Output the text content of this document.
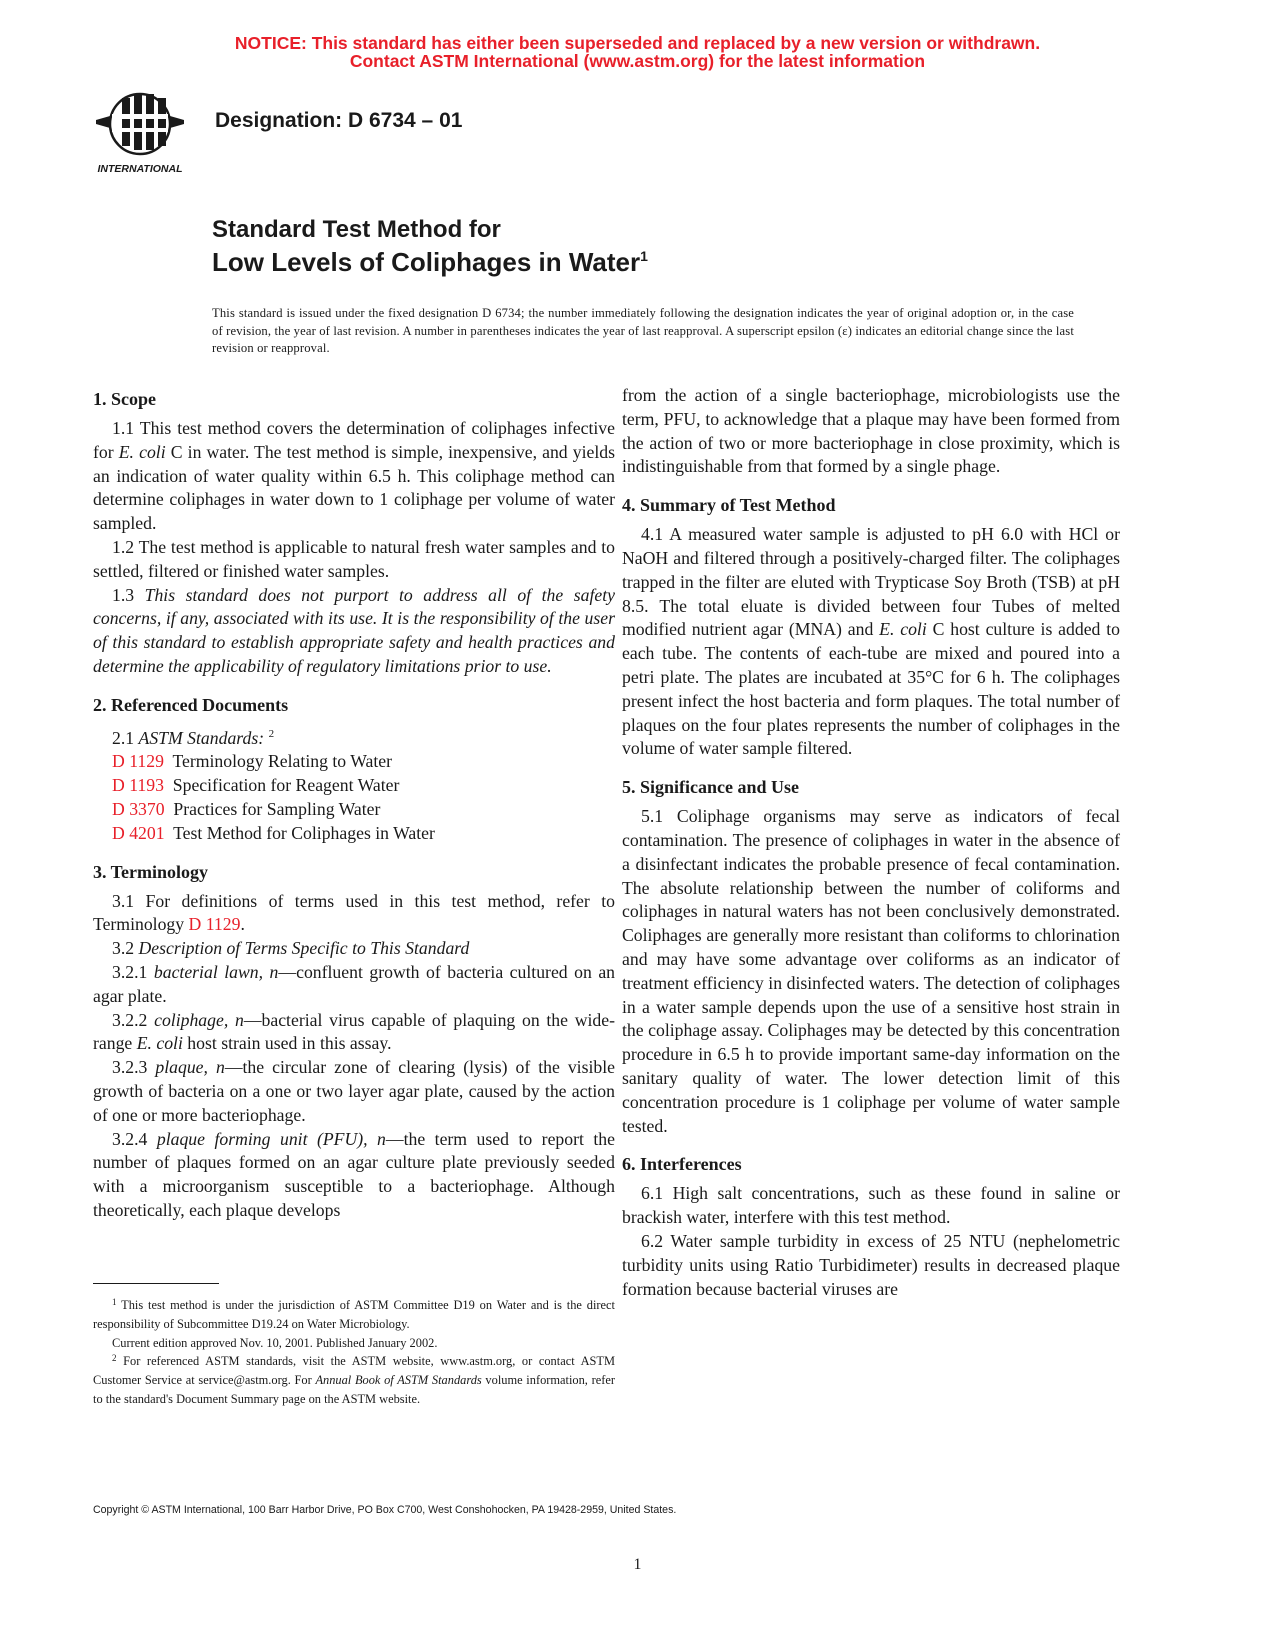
NOTICE: This standard has either been superseded and replaced by a new version or withdrawn.
Contact ASTM International (www.astm.org) for the latest information
INTERNATIONAL
Designation: D 6734 – 01
Standard Test Method for
Low Levels of Coliphages in Water$^1$
This standard is issued under the fixed designation D 6734; the number immediately following the designation indicates the year of original adoption or, in the case of revision, the year of last revision. A number in parentheses indicates the year of last reapproval. A superscript epsilon (ε) indicates an editorial change since the last revision or reapproval.
1. Scope

1.1 This test method covers the determination of coliphages infective for E. coli C in water. The test method is simple, inexpensive, and yields an indication of water quality within 6.5 h. This coliphage method can determine coliphages in water down to 1 coliphage per volume of water sampled.

1.2 The test method is applicable to natural fresh water samples and to settled, filtered or finished water samples.

1.3 This standard does not purport to address all of the safety concerns, if any, associated with its use. It is the responsibility of the user of this standard to establish appropriate safety and health practices and determine the applicability of regulatory limitations prior to use.

2. Referenced Documents

2.1 ASTM Standards: $^2$

D 1129 Terminology Relating to Water

D 1193 Specification for Reagent Water

D 3370 Practices for Sampling Water

D 4201 Test Method for Coliphages in Water

3. Terminology

3.1 For definitions of terms used in this test method, refer to Terminology D 1129.

3.2 Description of Terms Specific to This Standard

3.2.1 bacterial lawn, n—confluent growth of bacteria cultured on an agar plate.

3.2.2 coliphage, n—bacterial virus capable of plaquing on the wide-range E. coli host strain used in this assay.

3.2.3 plaque, n—the circular zone of clearing (lysis) of the visible growth of bacteria on a one or two layer agar plate, caused by the action of one or more bacteriophage.

3.2.4 plaque forming unit (PFU), n—the term used to report the number of plaques formed on an agar culture plate previously seeded with a microorganism susceptible to a bacteriophage. Although theoretically, each plaque develops

$^1$ This test method is under the jurisdiction of ASTM Committee D19 on Water and is the direct responsibility of Subcommittee D19.24 on Water Microbiology.

Current edition approved Nov. 10, 2001. Published January 2002.

$^2$ For referenced ASTM standards, visit the ASTM website, www.astm.org, or contact ASTM Customer Service at service@astm.org. For Annual Book of ASTM Standards volume information, refer to the standard's Document Summary page on the ASTM website.

from the action of a single bacteriophage, microbiologists use the term, PFU, to acknowledge that a plaque may have been formed from the action of two or more bacteriophage in close proximity, which is indistinguishable from that formed by a single phage.

4. Summary of Test Method

4.1 A measured water sample is adjusted to pH 6.0 with HCl or NaOH and filtered through a positively-charged filter. The coliphages trapped in the filter are eluted with Trypticase Soy Broth (TSB) at pH 8.5. The total eluate is divided between four Tubes of melted modified nutrient agar (MNA) and E. coli C host culture is added to each tube. The contents of each-tube are mixed and poured into a petri plate. The plates are incubated at 35°C for 6 h. The coliphages present infect the host bacteria and form plaques. The total number of plaques on the four plates represents the number of coliphages in the volume of water sample filtered.

5. Significance and Use

5.1 Coliphage organisms may serve as indicators of fecal contamination. The presence of coliphages in water in the absence of a disinfectant indicates the probable presence of fecal contamination. The absolute relationship between the number of coliforms and coliphages in natural waters has not been conclusively demonstrated. Coliphages are generally more resistant than coliforms to chlorination and may have some advantage over coliforms as an indicator of treatment efficiency in disinfected waters. The detection of coliphages in a water sample depends upon the use of a sensitive host strain in the coliphage assay. Coliphages may be detected by this concentration procedure in 6.5 h to provide important same-day information on the sanitary quality of water. The lower detection limit of this concentration procedure is 1 coliphage per volume of water sample tested.

6. Interferences

6.1 High salt concentrations, such as these found in saline or brackish water, interfere with this test method.

6.2 Water sample turbidity in excess of 25 NTU (nephelometric turbidity units using Ratio Turbidimeter) results in decreased plaque formation because bacterial viruses are

Copyright © ASTM International, 100 Barr Harbor Drive, PO Box C700, West Conshohocken, PA 19428-2959, United States.
1
